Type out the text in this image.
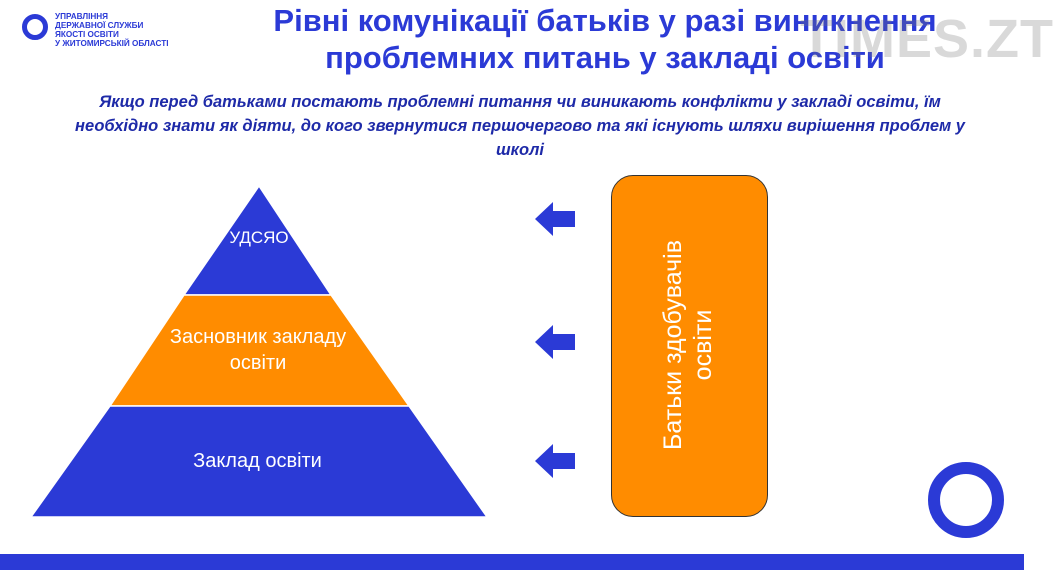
УПРАВЛІННЯ
ДЕРЖАВНОЇ СЛУЖБИ
ЯКОСТІ ОСВІТИ
У ЖИТОМИРСЬКІЙ ОБЛАСТІ
Рівні комунікації батьків у разі виникнення проблемних питань у закладі освіти
TIMES.ZT
Якщо перед батьками постають проблемні питання чи виникають конфлікти у закладі освіти, їм необхідно знати як діяти, до кого звернутися першочергово та які існують шляхи вирішення проблем у школі
УДСЯО
Засновник закладу освіти
Заклад освіти
Батьки здобувачів освіти
